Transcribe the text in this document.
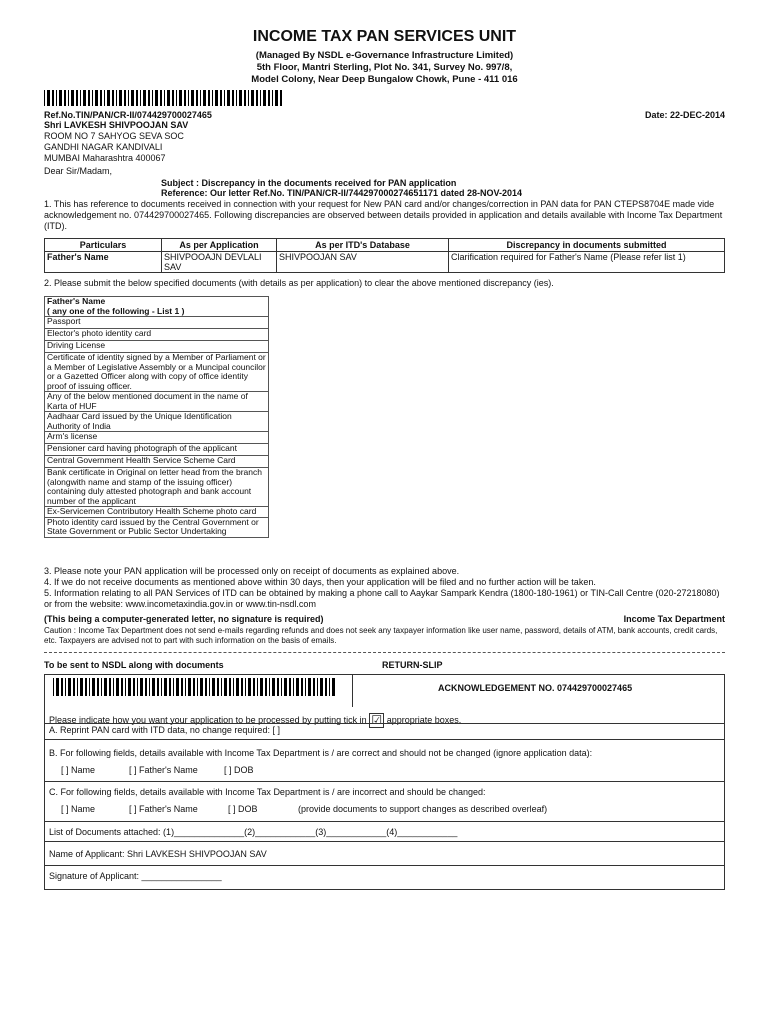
INCOME TAX PAN SERVICES UNIT
(Managed By NSDL e-Governance Infrastructure Limited)
5th Floor, Mantri Sterling, Plot No. 341, Survey No. 997/8,
Model Colony, Near Deep Bungalow Chowk, Pune - 411 016
Ref.No.TIN/PAN/CR-II/074429700027465	Date: 22-DEC-2014
Shri LAVKESH SHIVPOOJAN SAV
ROOM NO 7 SAHYOG SEVA SOC
GANDHI NAGAR KANDIVALI
MUMBAI Maharashtra 400067
Dear Sir/Madam,
Subject : Discrepancy in the documents received for PAN application
Reference: Our letter Ref.No. TIN/PAN/CR-II/744297000274651171 dated 28-NOV-2014
1. This has reference to documents received in connection with your request for New PAN card and/or changes/correction in PAN data for PAN CTEPS8704E made vide acknowledgement no. 074429700027465. Following discrepancies are observed between details provided in application and details available with Income Tax Department (ITD).
Particulars	As per Application	As per ITD's Database	Discrepancy in documents submitted
Father's Name	SHIVPOOAJN DEVLALI SAV	SHIVPOOJAN SAV	Clarification required for Father's Name (Please refer list 1)
2. Please submit the below specified documents (with details as per application) to clear the above mentioned discrepancy (ies).
Father's Name
( any one of the following - List 1 )

Passport
Elector's photo identity card
Driving License
Certificate of identity signed by a Member of Parliament or a Member of Legislative Assembly or a Muncipal councilor or a Gazetted Officer along with copy of office identity proof of issuing officer.
Any of the below mentioned document in the name of Karta of HUF
Aadhaar Card issued by the Unique Identification Authority of India
Arm's license
Pensioner card having photograph of the applicant
Central Government Health Service Scheme Card
Bank certificate in Original on letter head from the branch (alongwith name and stamp of the issuing officer) containing duly attested photograph and bank account number of the applicant
Ex-Servicemen Contributory Health Scheme photo card
Photo identity card issued by the Central Government or State Government or Public Sector Undertaking
3. Please note your PAN application will be processed only on receipt of documents as explained above.
4. If we do not receive documents as mentioned above within 30 days, then your application will be filed and no further action will be taken.
5. Information relating to all PAN Services of ITD can be obtained by making a phone call to Aaykar Sampark Kendra (1800-180-1961) or TIN-Call Centre (020-27218080) or from the website: www.incometaxindia.gov.in or www.tin-nsdl.com
(This being a computer-generated letter, no signature is required)	Income Tax Department
Caution : Income Tax Department does not send e-mails regarding refunds and does not seek any taxpayer information like user name, password, details of ATM, bank accounts, credit cards, etc. Taxpayers are advised not to part with such information on the basis of emails.
To be sent to NSDL along with documents	RETURN-SLIP
ACKNOWLEDGEMENT NO. 074429700027465
Please indicate how you want your application to be processed by putting tick in ☑ appropriate boxes.
A. Reprint PAN card with ITD data, no change required: [ ]
B. For following fields, details available with Income Tax Department is / are correct and should not be changed (ignore application data):
[ ] Name	[ ] Father's Name	[ ] DOB
C. For following fields, details available with Income Tax Department is / are incorrect and should be changed:
[ ] Name	[ ] Father's Name	[ ] DOB	(provide documents to support changes as described overleaf)
List of Documents attached: (1)______________(2)____________(3)____________(4)____________
Name of Applicant: Shri LAVKESH SHIVPOOJAN SAV
Signature of Applicant: ________________
